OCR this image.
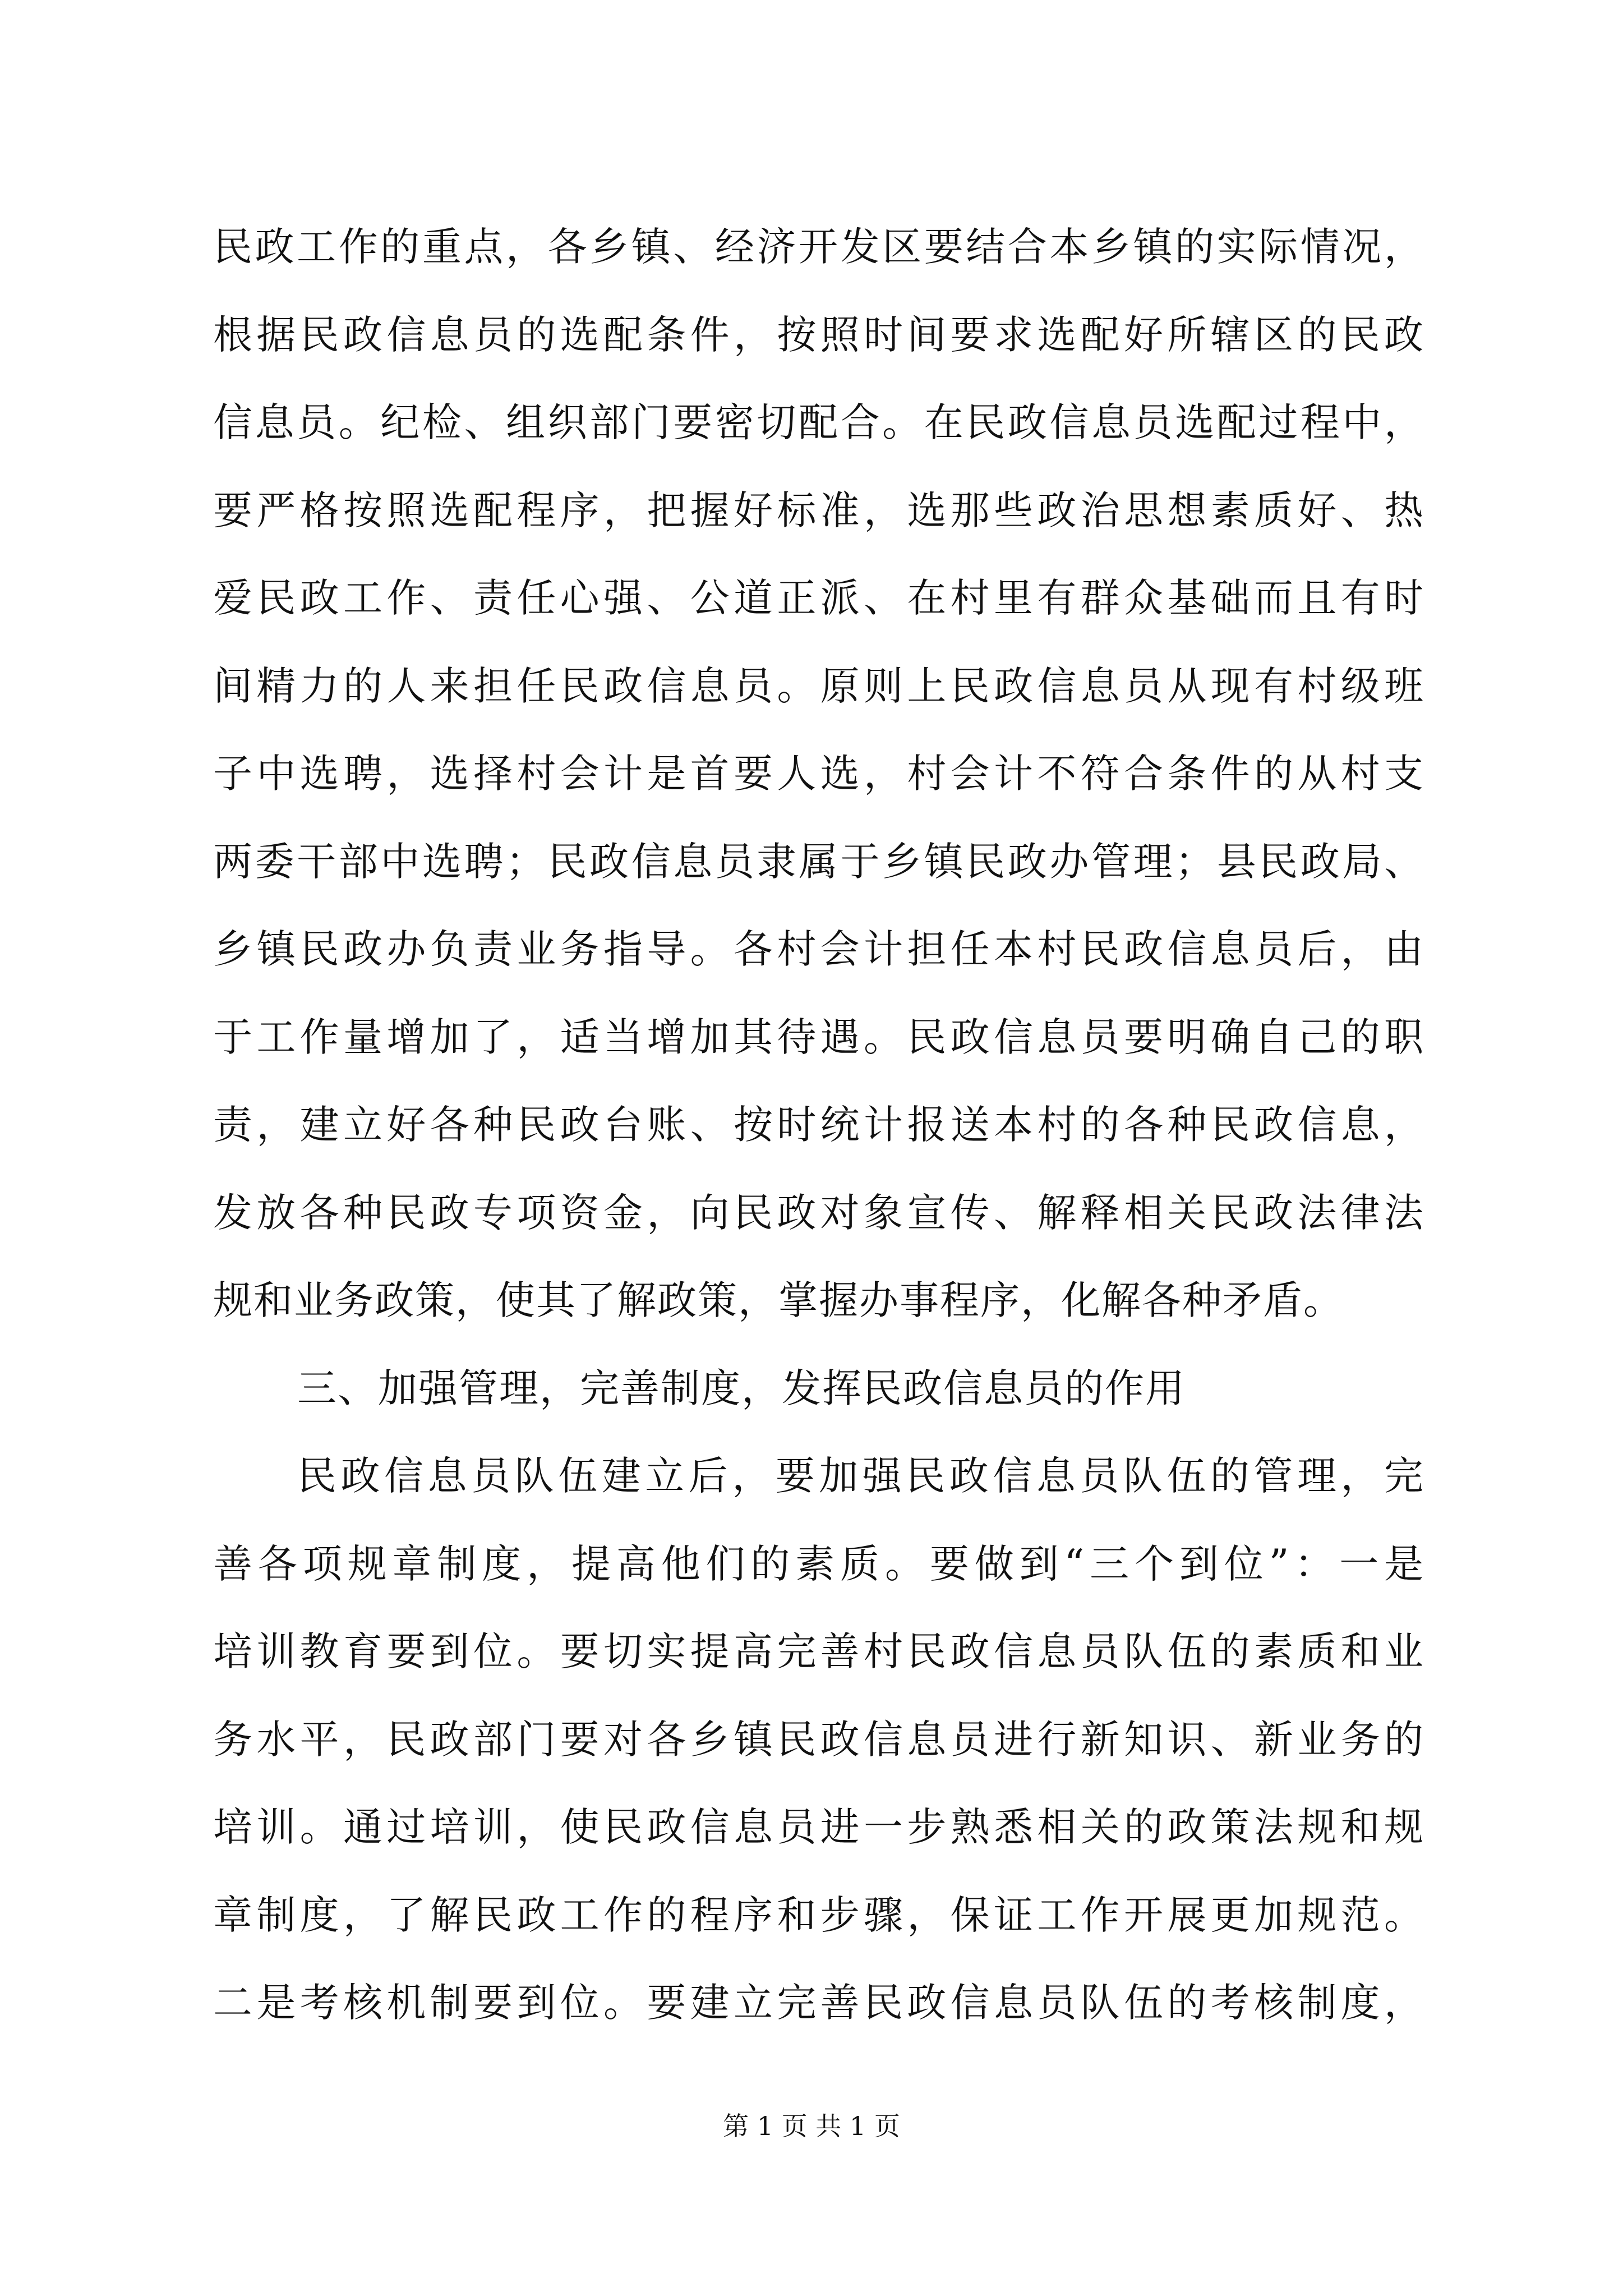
民政工作的重点，各乡镇、经济开发区要结合本乡镇的实际情况，
根据民政信息员的选配条件，按照时间要求选配好所辖区的民政
信息员。纪检、组织部门要密切配合。在民政信息员选配过程中，
要严格按照选配程序，把握好标准，选那些政治思想素质好、热
爱民政工作、责任心强、公道正派、在村里有群众基础而且有时
间精力的人来担任民政信息员。原则上民政信息员从现有村级班
子中选聘，选择村会计是首要人选，村会计不符合条件的从村支
两委干部中选聘；民政信息员隶属于乡镇民政办管理；县民政局、
乡镇民政办负责业务指导。各村会计担任本村民政信息员后，由
于工作量增加了，适当增加其待遇。民政信息员要明确自己的职
责，建立好各种民政台账、按时统计报送本村的各种民政信息，
发放各种民政专项资金，向民政对象宣传、解释相关民政法律法
规和业务政策，使其了解政策，掌握办事程序，化解各种矛盾。
三、加强管理，完善制度，发挥民政信息员的作用
民政信息员队伍建立后，要加强民政信息员队伍的管理，完
善各项规章制度，提高他们的素质。要做到“三个到位”：一是
培训教育要到位。要切实提高完善村民政信息员队伍的素质和业
务水平，民政部门要对各乡镇民政信息员进行新知识、新业务的
培训。通过培训，使民政信息员进一步熟悉相关的政策法规和规
章制度，了解民政工作的程序和步骤，保证工作开展更加规范。
二是考核机制要到位。要建立完善民政信息员队伍的考核制度，
第 1 页 共 1 页
